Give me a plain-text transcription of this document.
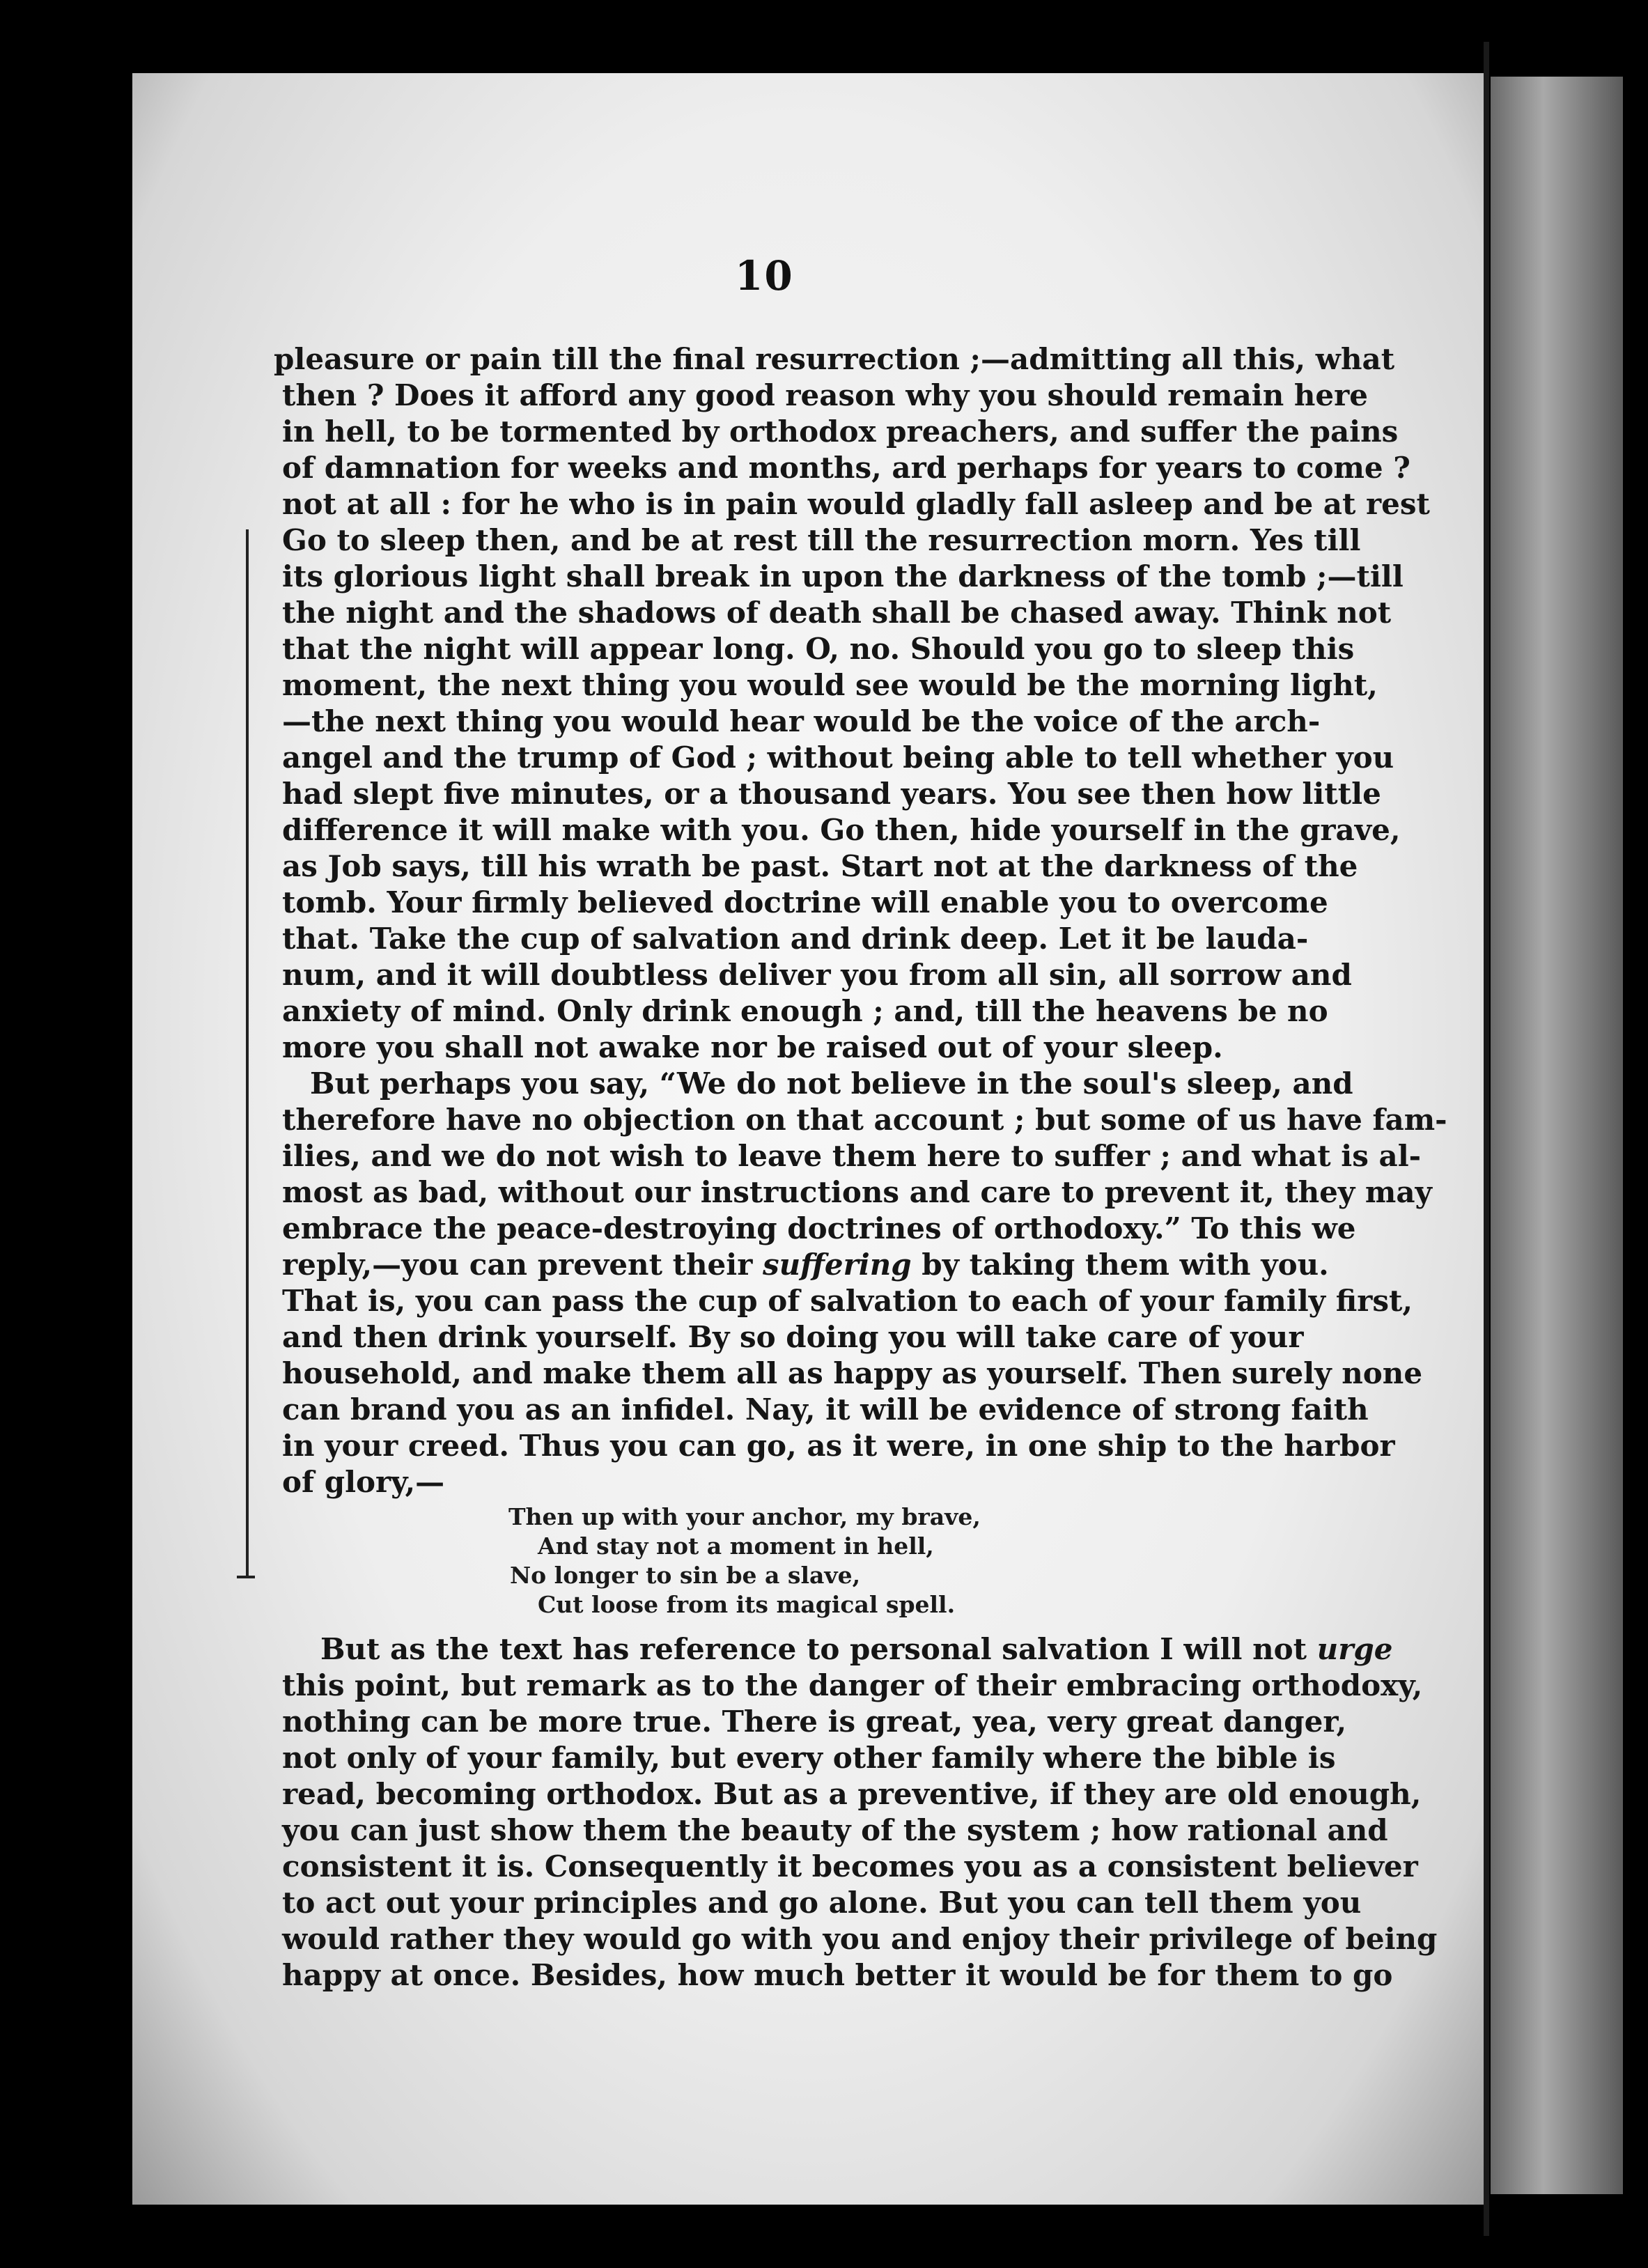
10
pleasure or pain till the final resurrection ;—admitting all this, what
then ? Does it afford any good reason why you should remain here
in hell, to be tormented by orthodox preachers, and suffer the pains
of damnation for weeks and months, ard perhaps for years to come ?
not at all : for he who is in pain would gladly fall asleep and be at rest
Go to sleep then, and be at rest till the resurrection morn. Yes till
its glorious light shall break in upon the darkness of the tomb ;—till
the night and the shadows of death shall be chased away. Think not
that the night will appear long. O, no. Should you go to sleep this
moment, the next thing you would see would be the morning light,
—the next thing you would hear would be the voice of the arch-
angel and the trump of God ; without being able to tell whether you
had slept five minutes, or a thousand years. You see then how little
difference it will make with you. Go then, hide yourself in the grave,
as Job says, till his wrath be past. Start not at the darkness of the
tomb. Your firmly believed doctrine will enable you to overcome
that. Take the cup of salvation and drink deep. Let it be lauda-
num, and it will doubtless deliver you from all sin, all sorrow and
anxiety of mind. Only drink enough ; and, till the heavens be no
more you shall not awake nor be raised out of your sleep.
But perhaps you say, “We do not believe in the soul's sleep, and
therefore have no objection on that account ; but some of us have fam-
ilies, and we do not wish to leave them here to suffer ; and what is al-
most as bad, without our instructions and care to prevent it, they may
embrace the peace-destroying doctrines of orthodoxy.” To this we
reply,—you can prevent their suffering by taking them with you.
That is, you can pass the cup of salvation to each of your family first,
and then drink yourself. By so doing you will take care of your
household, and make them all as happy as yourself. Then surely none
can brand you as an infidel. Nay, it will be evidence of strong faith
in your creed. Thus you can go, as it were, in one ship to the harbor
of glory,—
Then up with your anchor, my brave,
And stay not a moment in hell,
No longer to sin be a slave,
Cut loose from its magical spell.
But as the text has reference to personal salvation I will not urge
this point, but remark as to the danger of their embracing orthodoxy,
nothing can be more true. There is great, yea, very great danger,
not only of your family, but every other family where the bible is
read, becoming orthodox. But as a preventive, if they are old enough,
you can just show them the beauty of the system ; how rational and
consistent it is. Consequently it becomes you as a consistent believer
to act out your principles and go alone. But you can tell them you
would rather they would go with you and enjoy their privilege of being
happy at once. Besides, how much better it would be for them to go
